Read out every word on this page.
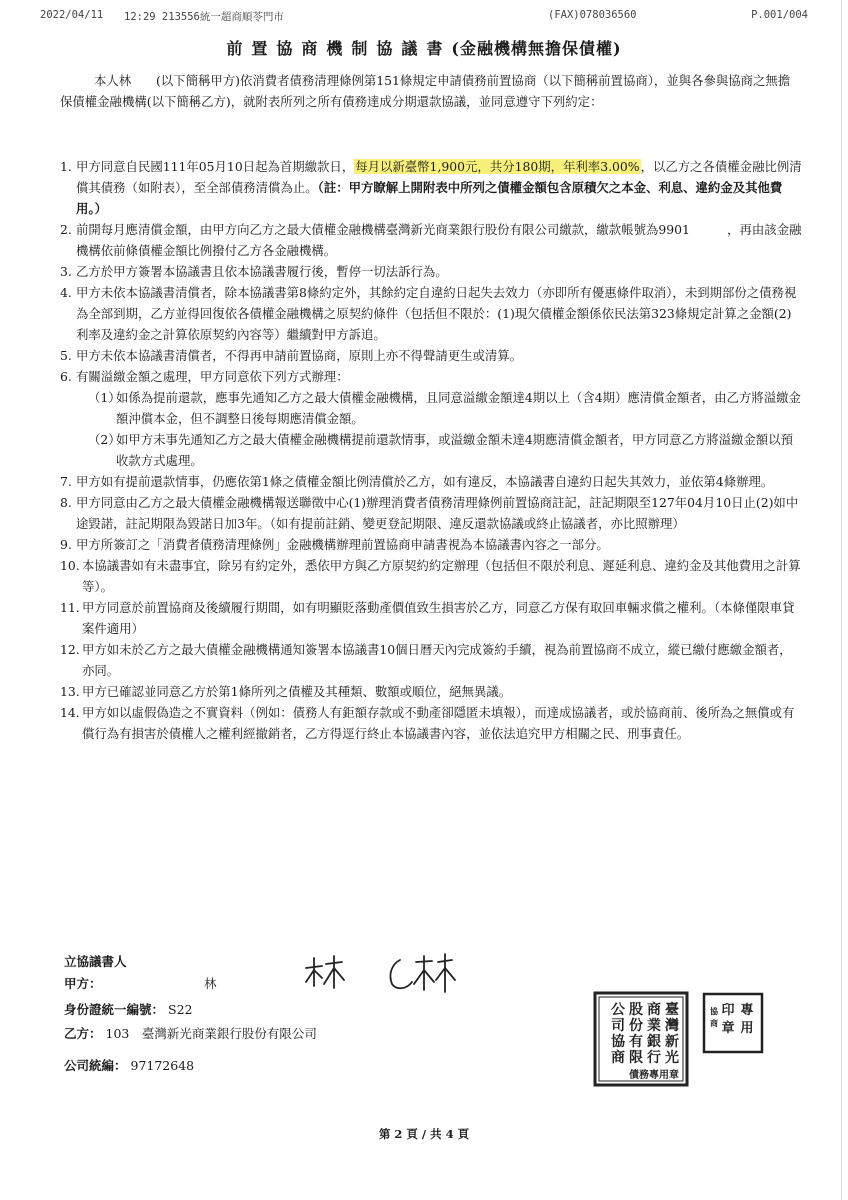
2022/04/11 12:29 213556統一超商順苓門市	(FAX)078036560	P.001/004
前置協商機制協議書(金融機構無擔保債權)

本人林　　(以下簡稱甲方)依消費者債務清理條例第151條規定申請債務前置協商（以下簡稱前置協商），並與各參與協商之無擔保債權金融機構(以下簡稱乙方)，就附表所列之所有債務達成分期還款協議，並同意遵守下列約定：

1. 甲方同意自民國111年05月10日起為首期繳款日，每月以新臺幣1,900元，共分180期，年利率3.00%，以乙方之各債權金融比例清償其債務（如附表），至全部債務清償為止。（註：甲方瞭解上開附表中所列之債權金額包含原積欠之本金、利息、違約金及其他費用。）
2. 前開每月應清償金額，由甲方向乙方之最大債權金融機構臺灣新光商業銀行股份有限公司繳款，繳款帳號為9901　　　，再由該金融機構依前條債權金額比例撥付乙方各金融機構。
3. 乙方於甲方簽署本協議書且依本協議書履行後，暫停一切法訴行為。
4. 甲方未依本協議書清償者，除本協議書第8條約定外，其餘約定自違約日起失去效力（亦即所有優惠條件取消），未到期部份之債務視為全部到期，乙方並得回復依各債權金融機構之原契約條件（包括但不限於：(1)現欠債權金額係依民法第323條規定計算之金額(2)利率及違約金之計算依原契約內容等）繼續對甲方訴追。
5. 甲方未依本協議書清償者，不得再申請前置協商，原則上亦不得聲請更生或清算。
6. 有關溢繳金額之處理，甲方同意依下列方式辦理：
（1）
如係為提前還款，應事先通知乙方之最大債權金融機構，且同意溢繳金額達4期以上（含4期）應清償金額者，由乙方將溢繳金額沖償本金，但不調整日後每期應清償金額。
（2）
如甲方未事先通知乙方之最大債權金融機構提前還款情事，或溢繳金額未達4期應清償金額者，甲方同意乙方將溢繳金額以預收款方式處理。
7. 甲方如有提前還款情事，仍應依第1條之債權金額比例清償於乙方，如有違反，本協議書自違約日起失其效力，並依第4條辦理。
8. 甲方同意由乙方之最大債權金融機構報送聯徵中心(1)辦理消費者債務清理條例前置協商註記，註記期限至127年04月10日止(2)如中途毀諾，註記期限為毀諾日加3年。（如有提前註銷、變更登記期限、違反還款協議或終止協議者，亦比照辦理）
9. 甲方所簽訂之「消費者債務清理條例」金融機構辦理前置協商申請書視為本協議書內容之一部分。
10. 本協議書如有未盡事宜，除另有約定外，悉依甲方與乙方原契約約定辦理（包括但不限於利息、遲延利息、違約金及其他費用之計算等）。
11. 甲方同意於前置協商及後續履行期間，如有明顯貶落動產價值致生損害於乙方，同意乙方保有取回車輛求償之權利。（本條僅限車貸案件適用）
12. 甲方如未於乙方之最大債權金融機構通知簽署本協議書10個日曆天內完成簽約手續，視為前置協商不成立，縱已繳付應繳金額者，亦同。
13. 甲方已確認並同意乙方於第1條所列之債權及其種類、數額或順位，絕無異議。
14. 甲方如以虛假偽造之不實資料（例如：債務人有鉅額存款或不動產卻隱匿未填報），而達成協議者，或於協商前、後所為之無償或有償行為有損害於債權人之權利經撤銷者，乙方得逕行終止本協議書內容，並依法追究甲方相關之民、刑事責任。
立協議書人
甲方：	林
身份證統一編號： S22
乙方： 103　臺灣新光商業銀行股份有限公司
公司統編： 97172648
臺
灣
新
光
商
業
銀
行
股
份
有
限
公
司
協
商
債務專用章
專
用
印
章
協
商
第 2 頁 / 共 4 頁
